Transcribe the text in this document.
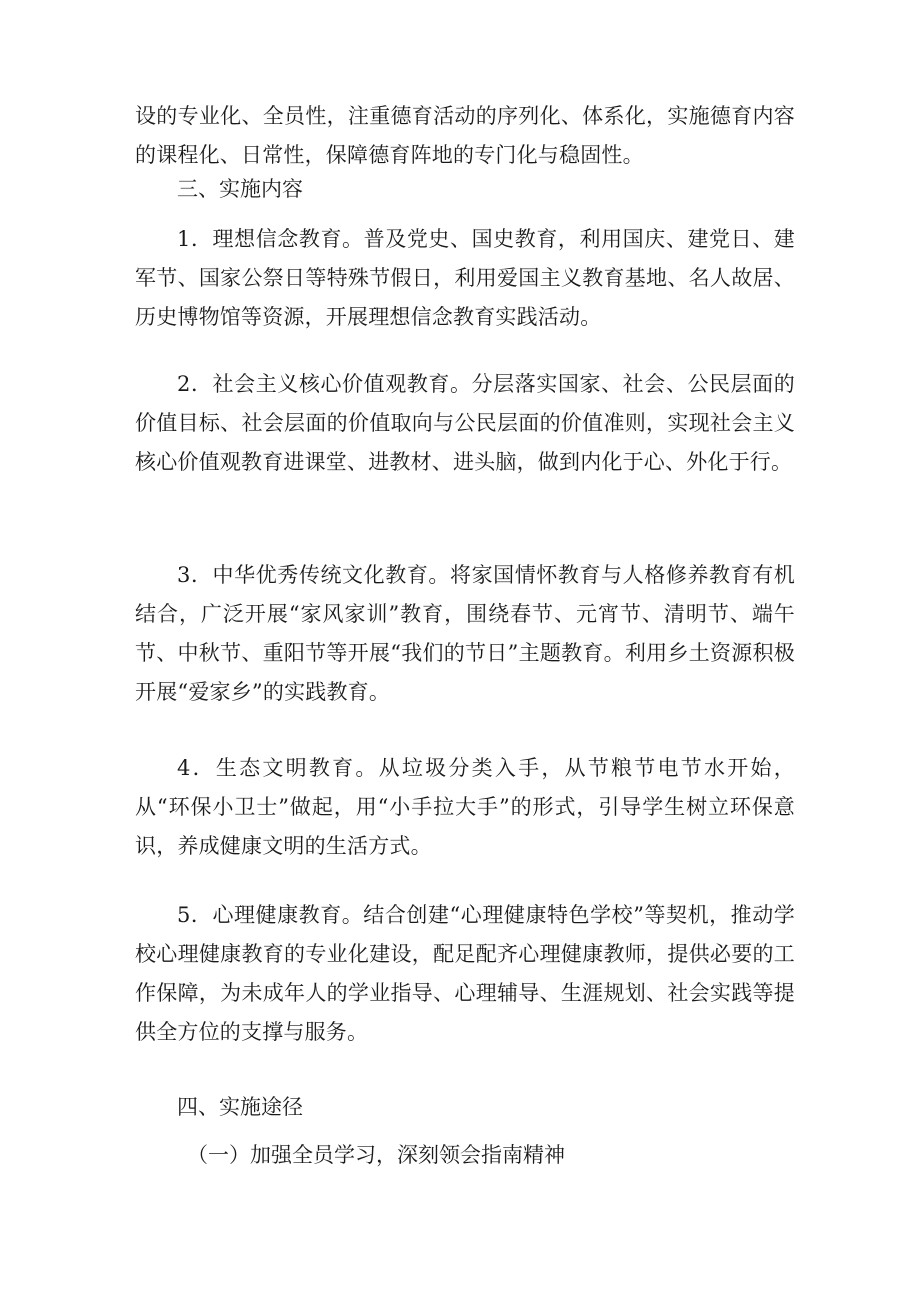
设的专业化、全员性，注重德育活动的序列化、体系化，实施德育内容的课程化、日常性，保障德育阵地的专门化与稳固性。

三、实施内容

1．理想信念教育。普及党史、国史教育，利用国庆、建党日、建军节、国家公祭日等特殊节假日，利用爱国主义教育基地、名人故居、历史博物馆等资源，开展理想信念教育实践活动。

2．社会主义核心价值观教育。分层落实国家、社会、公民层面的价值目标、社会层面的价值取向与公民层面的价值准则，实现社会主义核心价值观教育进课堂、进教材、进头脑，做到内化于心、外化于行。

3．中华优秀传统文化教育。将家国情怀教育与人格修养教育有机结合，广泛开展“家风家训”教育，围绕春节、元宵节、清明节、端午节、中秋节、重阳节等开展“我们的节日”主题教育。利用乡土资源积极开展“爱家乡”的实践教育。

4．生态文明教育。从垃圾分类入手，从节粮节电节水开始，从“环保小卫士”做起，用“小手拉大手”的形式，引导学生树立环保意识，养成健康文明的生活方式。

5．心理健康教育。结合创建“心理健康特色学校”等契机，推动学校心理健康教育的专业化建设，配足配齐心理健康教师，提供必要的工作保障，为未成年人的学业指导、心理辅导、生涯规划、社会实践等提供全方位的支撑与服务。

四、实施途径

（一）加强全员学习，深刻领会指南精神
